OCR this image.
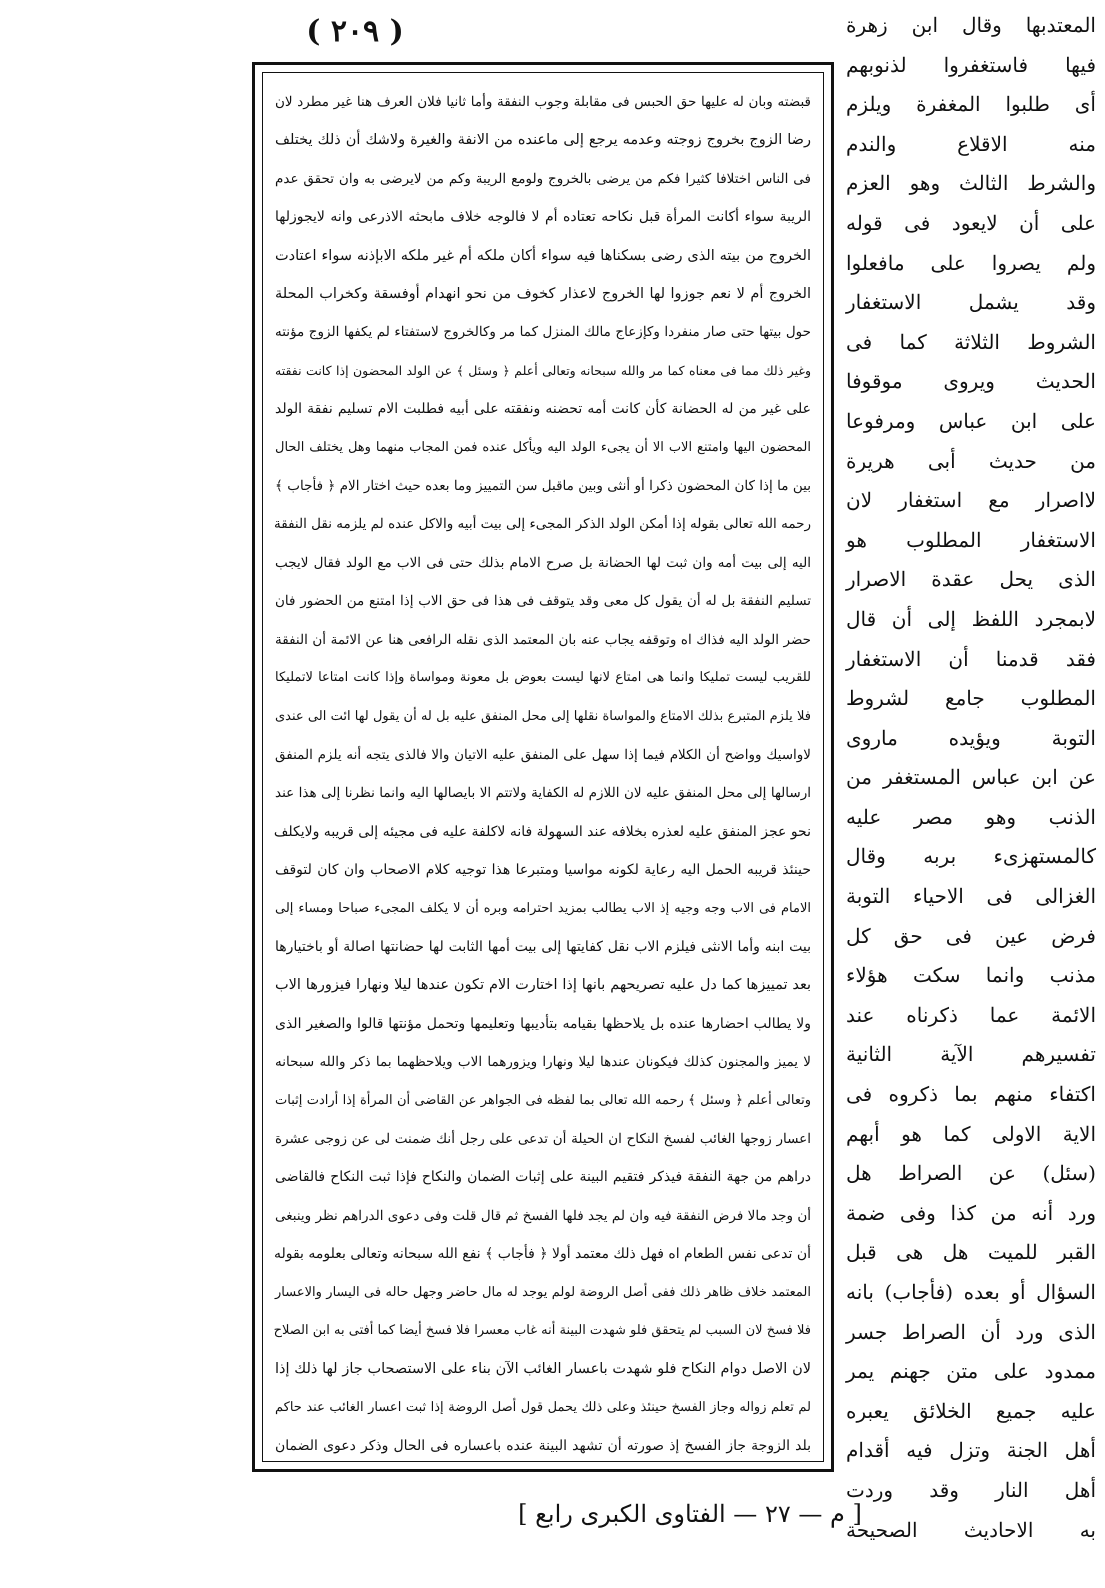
( ٢٠٩ )
قبضته وبان له عليها حق الحبس فى مقابلة وجوب النفقة وأما ثانيا فلان العرف هنا غير مطرد لان
رضا الزوج بخروج زوجته وعدمه يرجع إلى ماعنده من الانفة والغيرة ولاشك أن ذلك يختلف
فى الناس اختلافا كثيرا فكم من يرضى بالخروج ولومع الريبة وكم من لايرضى به وان تحقق عدم
الريبة سواء أكانت المرأة قبل نكاحه تعتاده أم لا فالوجه خلاف مابحثه الاذرعى وانه لايجوزلها
الخروج من بيته الذى رضى بسكناها فيه سواء أكان ملكه أم غير ملكه الابإذنه سواء اعتادت
الخروج أم لا نعم جوزوا لها الخروج لاعذار كخوف من نحو انهدام أوفسقة وكخراب المحلة
حول بيتها حتى صار منفردا وكإزعاج مالك المنزل كما مر وكالخروج لاستفتاء لم يكفها الزوج مؤنته
وغير ذلك مما فى معناه كما مر والله سبحانه وتعالى أعلم ﴿ وسئل ﴾ عن الولد المحضون إذا كانت نفقته
على غير من له الحضانة كأن كانت أمه تحضنه ونفقته على أبيه فطلبت الام تسليم نفقة الولد
المحضون اليها وامتنع الاب الا أن يجىء الولد اليه ويأكل عنده فمن المجاب منهما وهل يختلف الحال
بين ما إذا كان المحضون ذكرا أو أنثى وبين ماقبل سن التمييز وما بعده حيث اختار الام ﴿ فأجاب ﴾
رحمه الله تعالى بقوله إذا أمكن الولد الذكر المجىء إلى بيت أبيه والاكل عنده لم يلزمه نقل النفقة
اليه إلى بيت أمه وان ثبت لها الحضانة بل صرح الامام بذلك حتى فى الاب مع الولد فقال لايجب
تسليم النفقة بل له أن يقول كل معى وقد يتوقف فى هذا فى حق الاب إذا امتنع من الحضور فان
حضر الولد اليه فذاك اه وتوقفه يجاب عنه بان المعتمد الذى نقله الرافعى هنا عن الائمة أن النفقة
للقريب ليست تمليكا وانما هى امتاع لانها ليست بعوض بل معونة ومواساة وإذا كانت امتاعا لاتمليكا
فلا يلزم المتبرع بذلك الامتاع والمواساة نقلها إلى محل المنفق عليه بل له أن يقول لها ائت الى عندى
لاواسيك وواضح أن الكلام فيما إذا سهل على المنفق عليه الاتيان والا فالذى يتجه أنه يلزم المنفق
ارسالها إلى محل المنفق عليه لان اللازم له الكفاية ولاتتم الا بايصالها اليه وانما نظرنا إلى هذا عند
نحو عجز المنفق عليه لعذره بخلافه عند السهولة فانه لاكلفة عليه فى مجيئه إلى قريبه ولايكلف
حينئذ قريبه الحمل اليه رعاية لكونه مواسيا ومتبرعا هذا توجيه كلام الاصحاب وان كان لتوقف
الامام فى الاب وجه وجيه إذ الاب يطالب بمزيد احترامه وبره أن لا يكلف المجىء صباحا ومساء إلى
بيت ابنه وأما الانثى فيلزم الاب نقل كفايتها إلى بيت أمها الثابت لها حضانتها اصالة أو باختيارها
بعد تمييزها كما دل عليه تصريحهم بانها إذا اختارت الام تكون عندها ليلا ونهارا فيزورها الاب
ولا يطالب احضارها عنده بل يلاحظها بقيامه بتأديبها وتعليمها وتحمل مؤنتها قالوا والصغير الذى
لا يميز والمجنون كذلك فيكونان عندها ليلا ونهارا ويزورهما الاب ويلاحظهما بما ذكر والله سبحانه
وتعالى أعلم ﴿ وسئل ﴾ رحمه الله تعالى بما لفظه فى الجواهر عن القاضى أن المرأة إذا أرادت إثبات
اعسار زوجها الغائب لفسخ النكاح ان الحيلة أن تدعى على رجل أنك ضمنت لى عن زوجى عشرة
دراهم من جهة النفقة فيذكر فتقيم البينة على إثبات الضمان والنكاح فإذا ثبت النكاح فالقاضى
أن وجد مالا فرض النفقة فيه وان لم يجد فلها الفسخ ثم قال قلت وفى دعوى الدراهم نظر وينبغى
أن تدعى نفس الطعام اه فهل ذلك معتمد أولا ﴿ فأجاب ﴾ نفع الله سبحانه وتعالى بعلومه بقوله
المعتمد خلاف ظاهر ذلك ففى أصل الروضة لولم يوجد له مال حاضر وجهل حاله فى اليسار والاعسار
فلا فسخ لان السبب لم يتحقق فلو شهدت البينة أنه غاب معسرا فلا فسخ أيضا كما أفتى به ابن الصلاح
لان الاصل دوام النكاح فلو شهدت باعسار الغائب الآن بناء على الاستصحاب جاز لها ذلك إذا
لم تعلم زواله وجاز الفسخ حينئذ وعلى ذلك يحمل قول أصل الروضة إذا ثبت اعسار الغائب عند حاكم
بلد الزوجة جاز الفسخ إذ صورته أن تشهد البينة عنده باعساره فى الحال وذكر دعوى الضمان
المعتدبها وقال ابن زهرة
فيها فاستغفروا لذنوبهم
أى طلبوا المغفرة ويلزم
منه الاقلاع والندم
والشرط الثالث وهو العزم
على أن لايعود فى قوله
ولم يصروا على مافعلوا
وقد يشمل الاستغفار
الشروط الثلاثة كما فى
الحديث ويروى موقوفا
على ابن عباس ومرفوعا
من حديث أبى هريرة
لااصرار مع استغفار لان
الاستغفار المطلوب هو
الذى يحل عقدة الاصرار
لابمجرد اللفظ إلى أن قال
فقد قدمنا أن الاستغفار
المطلوب جامع لشروط
التوبة ويؤيده ماروى
عن ابن عباس المستغفر من
الذنب وهو مصر عليه
كالمستهزىء بربه وقال
الغزالى فى الاحياء التوبة
فرض عين فى حق كل
مذنب وانما سكت هؤلاء
الائمة عما ذكرناه عند
تفسيرهم الآية الثانية
اكتفاء منهم بما ذكروه فى
الاية الاولى كما هو أبهم
(سئل) عن الصراط هل
ورد أنه من كذا وفى ضمة
القبر للميت هل هى قبل
السؤال أو بعده (فأجاب) بانه
الذى ورد أن الصراط جسر
ممدود على متن جهنم يمر
عليه جميع الخلائق يعبره
أهل الجنة وتزل فيه أقدام
أهل النار وقد وردت
به الاحاديث الصحيحة
[ م — ٢٧ — الفتاوى الكبرى رابع ]
